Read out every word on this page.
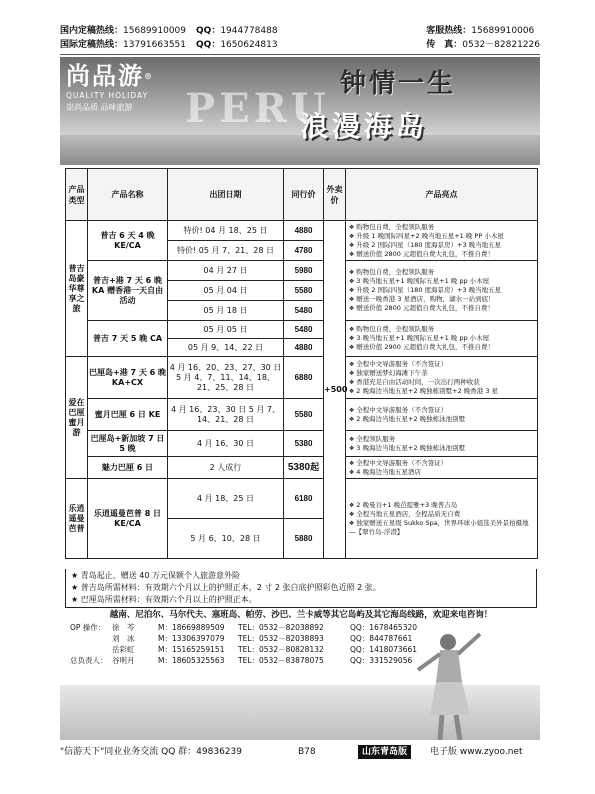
国内定稿热线：15689910009 QQ：1944778488
国际定稿热线：13791663551 QQ：1650624813
客服热线：15689910006
传　真：0532－82821226
PERU
尚品游®
QUALITY HOLIDAY
崇尚品质 品味旅游
钟情一生
浪漫海岛
产品类型	产品名称	出团日期	同行价	外卖价	产品亮点
普吉岛豪华尊享之旅	普吉 6 天 4 晚 KE/CA	特价! 04 月 18、25 日	4880	+500	❖ 购物包自费，全程领队服务
❖ 升级 1 晚国际四星+2 晚当地五星+1 晚 PP 小木屋
❖ 升级 2 国际四星（180 度海景房）+3 晚当地五星
❖ 赠送价值 2800 元超值自费大礼包，不推自费！

		特价! 05 月 7、21、28 日	4780		
	普吉+港 7 天 6 晚 KA 赠香港一天自由活动	04 月 27 日	5980		❖ 购物包自费，全程领队服务
❖ 3 晚当地五星+1 晚国际五星+1 晚 pp 小木屋
❖ 升级 2 国际四星（180 度海景房）+3 晚当地五星
❖ 赠送一晚香港 3 星酒店，购物，湖水一站到底！
❖ 赠送价值 2800 元超值自费大礼包，不推自费！

		05 月 04 日	5580		
		05 月 18 日	5480		
	普吉 7 天 5 晚 CA	05 月 05 日	5480		❖ 购物包自费，全程领队服务
❖ 3 晚当地五星+1 晚国际五星+1 晚 pp 小木屋
❖ 赠送价值 2900 元超值自费大礼包，不推自费！

		05 月 9、14、22 日	4880		
爱在巴厘蜜月游	巴厘岛+港 7 天 6 晚 KA+CX	4 月 16、20、23、27、30 日 5 月 4、7、11、14、18、21、25、28 日	6880		❖ 全程中文导游服务（不含签证）
❖ 独家赠送梦幻海滩下午茶
❖ 香港充足自由活动时间，一次出行两种收获
❖ 2 晚海边当地五星+2 晚独栋别墅+2 晚香港 3 星

	蜜月巴厘 6 日 KE	4 月 16、23、30 日 5 月 7、14、21、28 日	5580		❖ 全程中文导游服务（不含签证）
❖ 2 晚海边当地五星+2 晚独栋泳池别墅

	巴厘岛+新加坡 7 日 5 晚	4 月 16、30 日	5380		❖ 全程领队服务
❖ 3 晚海边当地五星+2 晚独栋泳池别墅

	魅力巴厘 6 日	2 人成行	5380起		❖ 全程中文导游服务（不含签证）
❖ 4 晚海边当地五星酒店

乐逍遥曼芭普	乐逍遥曼芭普 8 日 KE/CA	4 月 18、25 日	6180		❖ 2 晚曼谷+1 晚芭提雅+3 晚普吉岛
❖ 全程当地五星酒店，全程品质无自费
❖ 独家赠送五星级 Sukko Spa，世界环球小姐选美外景拍摄地—【翠竹岛-浮潜】

		5 月 6、10、28 日	5880		
★ 青岛起止，赠送 40 万元保额个人旅游意外险
★ 普吉岛所需材料：有效期六个月以上的护照正本，2 寸 2 张白底护照彩色近照 2 张。
★ 巴厘岛所需材料：有效期六个月以上的护照正本。
越南、尼泊尔、马尔代夫、塞班岛、帕劳、沙巴、兰卡威等其它岛屿及其它海岛线路，欢迎来电咨询！
OP 操作： 徐　芩	M：18669889509 TEL：0532－82038892	QQ：1678465320
刘　冰	M：13306397079 TEL：0532－82038893	QQ：844787661
岳彩虹	M：15165259151 TEL：0532－80828132	QQ：1418073661
总负责人： 谷明月	M：18605325563 TEL：0532－83878075	QQ：331529056
"信游天下"同业业务交流 QQ 群：49836239	B78	山东青岛版	电子版 www.zyoo.net
